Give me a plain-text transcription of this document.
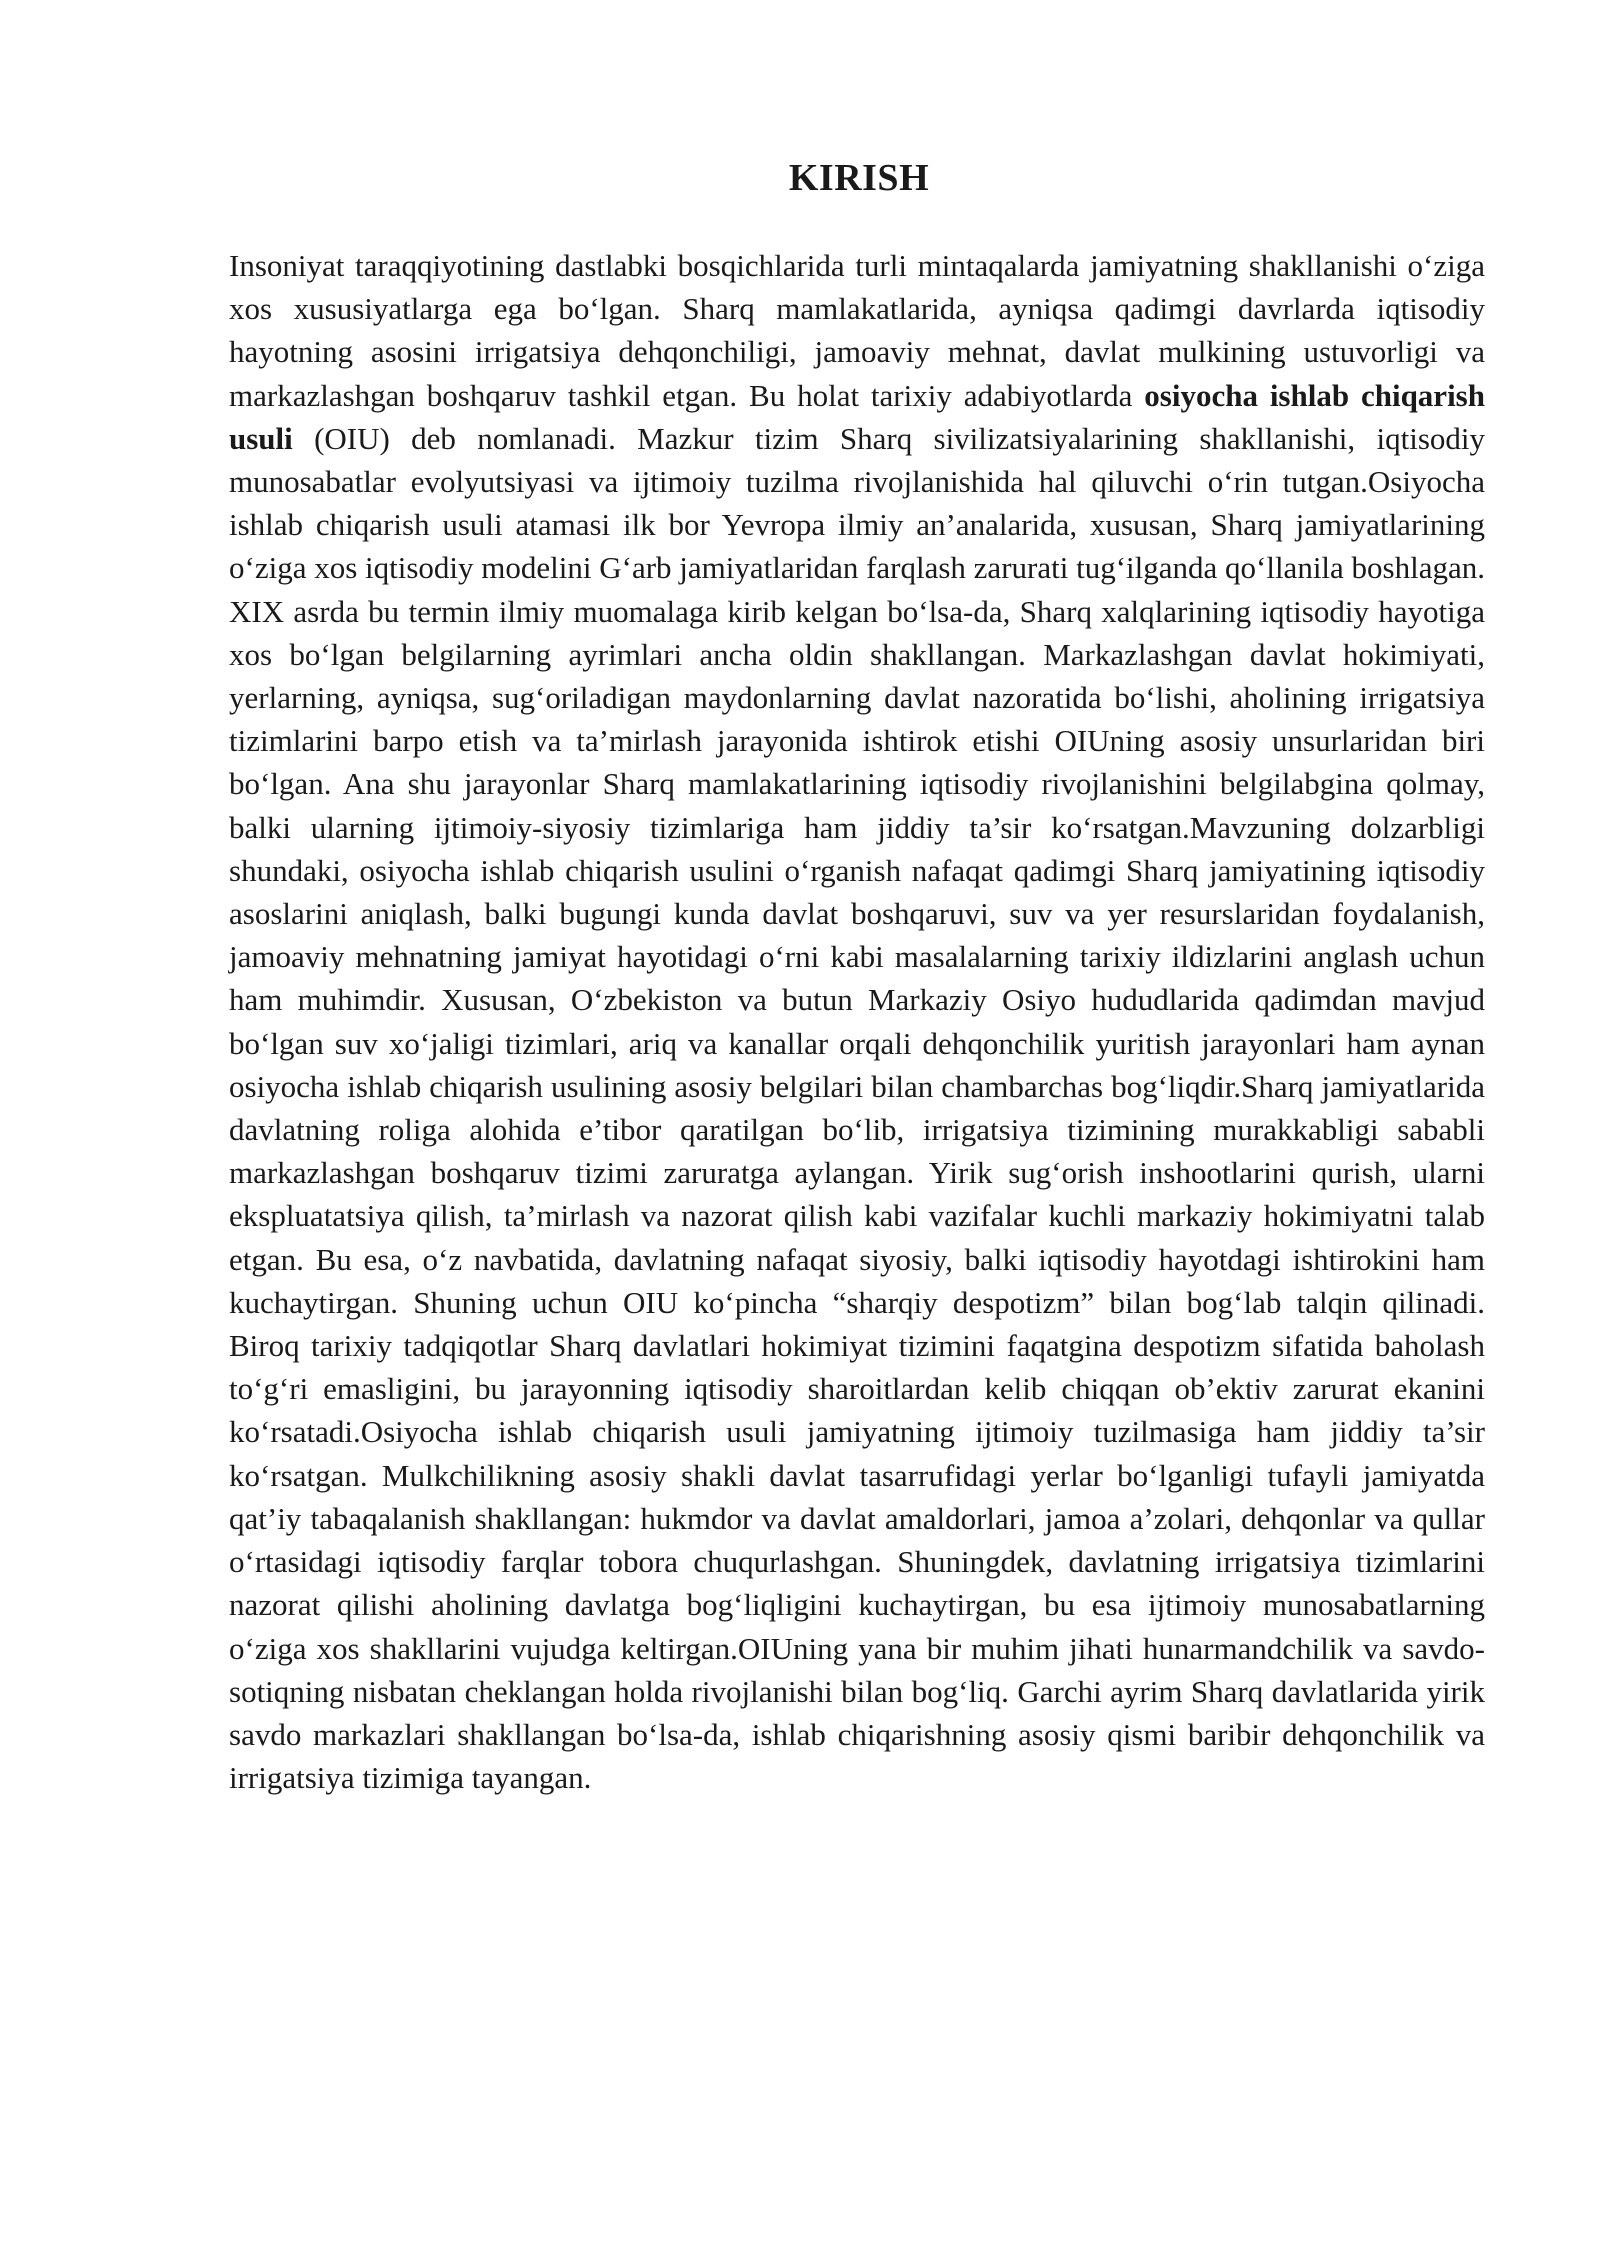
KIRISH

Insoniyat taraqqiyotining dastlabki bosqichlarida turli mintaqalarda jamiyatning shakllanishi o‘ziga xos xususiyatlarga ega bo‘lgan. Sharq mamlakatlarida, ayniqsa qadimgi davrlarda iqtisodiy hayotning asosini irrigatsiya dehqonchiligi, jamoaviy mehnat, davlat mulkining ustuvorligi va markazlashgan boshqaruv tashkil etgan. Bu holat tarixiy adabiyotlarda osiyocha ishlab chiqarish usuli (OIU) deb nomlanadi. Mazkur tizim Sharq sivilizatsiyalarining shakllanishi, iqtisodiy munosabatlar evolyutsiyasi va ijtimoiy tuzilma rivojlanishida hal qiluvchi o‘rin tutgan.Osiyocha ishlab chiqarish usuli atamasi ilk bor Yevropa ilmiy an’analarida, xususan, Sharq jamiyatlarining o‘ziga xos iqtisodiy modelini G‘arb jamiyatlaridan farqlash zarurati tug‘ilganda qo‘llanila boshlagan. XIX asrda bu termin ilmiy muomalaga kirib kelgan bo‘lsa-da, Sharq xalqlarining iqtisodiy hayotiga xos bo‘lgan belgilarning ayrimlari ancha oldin shakllangan. Markazlashgan davlat hokimiyati, yerlarning, ayniqsa, sug‘oriladigan maydonlarning davlat nazoratida bo‘lishi, aholining irrigatsiya tizimlarini barpo etish va ta’mirlash jarayonida ishtirok etishi OIUning asosiy unsurlaridan biri bo‘lgan. Ana shu jarayonlar Sharq mamlakatlarining iqtisodiy rivojlanishini belgilabgina qolmay, balki ularning ijtimoiy-siyosiy tizimlariga ham jiddiy ta’sir ko‘rsatgan.Mavzuning dolzarbligi shundaki, osiyocha ishlab chiqarish usulini o‘rganish nafaqat qadimgi Sharq jamiyatining iqtisodiy asoslarini aniqlash, balki bugungi kunda davlat boshqaruvi, suv va yer resurslaridan foydalanish, jamoaviy mehnatning jamiyat hayotidagi o‘rni kabi masalalarning tarixiy ildizlarini anglash uchun ham muhimdir. Xususan, O‘zbekiston va butun Markaziy Osiyo hududlarida qadimdan mavjud bo‘lgan suv xo‘jaligi tizimlari, ariq va kanallar orqali dehqonchilik yuritish jarayonlari ham aynan osiyocha ishlab chiqarish usulining asosiy belgilari bilan chambarchas bog‘liqdir.Sharq jamiyatlarida davlatning roliga alohida e’tibor qaratilgan bo‘lib, irrigatsiya tizimining murakkabligi sababli markazlashgan boshqaruv tizimi zaruratga aylangan. Yirik sug‘orish inshootlarini qurish, ularni ekspluatatsiya qilish, ta’mirlash va nazorat qilish kabi vazifalar kuchli markaziy hokimiyatni talab etgan. Bu esa, o‘z navbatida, davlatning nafaqat siyosiy, balki iqtisodiy hayotdagi ishtirokini ham kuchaytirgan. Shuning uchun OIU ko‘pincha “sharqiy despotizm” bilan bog‘lab talqin qilinadi. Biroq tarixiy tadqiqotlar Sharq davlatlari hokimiyat tizimini faqatgina despotizm sifatida baholash to‘g‘ri emasligini, bu jarayonning iqtisodiy sharoitlardan kelib chiqqan ob’ektiv zarurat ekanini ko‘rsatadi.Osiyocha ishlab chiqarish usuli jamiyatning ijtimoiy tuzilmasiga ham jiddiy ta’sir ko‘rsatgan. Mulkchilikning asosiy shakli davlat tasarrufidagi yerlar bo‘lganligi tufayli jamiyatda qat’iy tabaqalanish shakllangan: hukmdor va davlat amaldorlari, jamoa a’zolari, dehqonlar va qullar o‘rtasidagi iqtisodiy farqlar tobora chuqurlashgan. Shuningdek, davlatning irrigatsiya tizimlarini nazorat qilishi aholining davlatga bog‘liqligini kuchaytirgan, bu esa ijtimoiy munosabatlarning o‘ziga xos shakllarini vujudga keltirgan.OIUning yana bir muhim jihati hunarmandchilik va savdo-sotiqning nisbatan cheklangan holda rivojlanishi bilan bog‘liq. Garchi ayrim Sharq davlatlarida yirik savdo markazlari shakllangan bo‘lsa-da, ishlab chiqarishning asosiy qismi baribir dehqonchilik va irrigatsiya tizimiga tayangan.
